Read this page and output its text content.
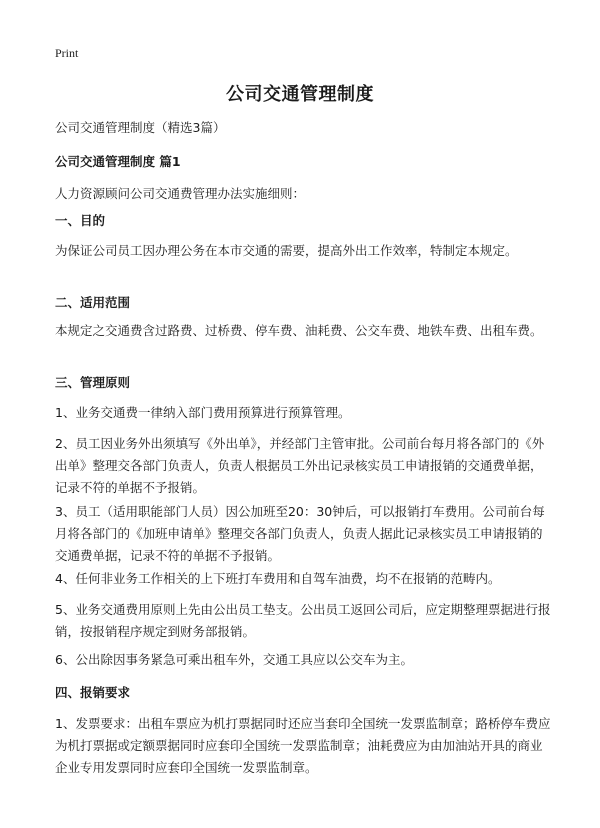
Print
公司交通管理制度

公司交通管理制度（精选3篇）

公司交通管理制度 篇1

人力资源顾问公司交通费管理办法实施细则：

一、目的

为保证公司员工因办理公务在本市交通的需要，提高外出工作效率，特制定本规定。

二、适用范围

本规定之交通费含过路费、过桥费、停车费、油耗费、公交车费、地铁车费、出租车费。

三、管理原则

1、业务交通费一律纳入部门费用预算进行预算管理。

2、员工因业务外出须填写《外出单》，并经部门主管审批。公司前台每月将各部门的《外出单》整理交各部门负责人，负责人根据员工外出记录核实员工申请报销的交通费单据，记录不符的单据不予报销。

3、员工（适用职能部门人员）因公加班至20：30钟后，可以报销打车费用。公司前台每月将各部门的《加班申请单》整理交各部门负责人，负责人据此记录核实员工申请报销的交通费单据，记录不符的单据不予报销。

4、任何非业务工作相关的上下班打车费用和自驾车油费，均不在报销的范畴内。

5、业务交通费用原则上先由公出员工垫支。公出员工返回公司后，应定期整理票据进行报销，按报销程序规定到财务部报销。

6、公出除因事务紧急可乘出租车外，交通工具应以公交车为主。

四、报销要求

1、发票要求：出租车票应为机打票据同时还应当套印全国统一发票监制章；路桥停车费应为机打票据或定额票据同时应套印全国统一发票监制章；油耗费应为由加油站开具的商业企业专用发票同时应套印全国统一发票监制章。
